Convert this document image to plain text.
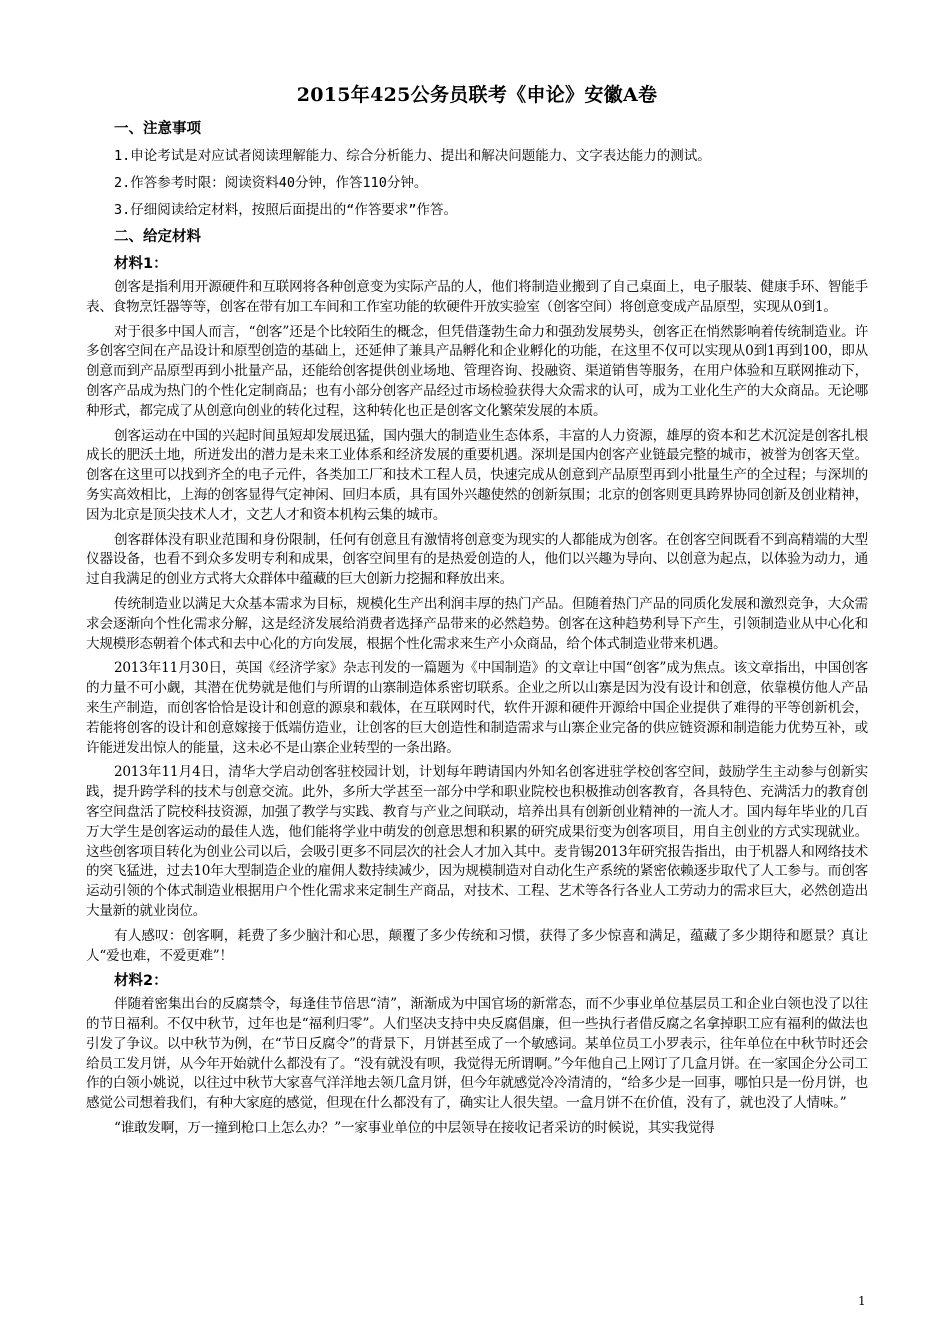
2015年425公务员联考《申论》安徽A卷
一、注意事项
1.申论考试是对应试者阅读理解能力、综合分析能力、提出和解决问题能力、文字表达能力的测试。
2.作答参考时限：阅读资料40分钟，作答110分钟。
3.仔细阅读给定材料，按照后面提出的“作答要求”作答。
二、给定材料
材料1：

创客是指利用开源硬件和互联网将各种创意变为实际产品的人，他们将制造业搬到了自己桌面上，电子服装、健康手环、智能手表、食物烹饪器等等，创客在带有加工车间和工作室功能的软硬件开放实验室（创客空间）将创意变成产品原型，实现从0到1。

对于很多中国人而言，“创客”还是个比较陌生的概念，但凭借蓬勃生命力和强劲发展势头，创客正在悄然影响着传统制造业。许多创客空间在产品设计和原型创造的基础上，还延伸了兼具产品孵化和企业孵化的功能，在这里不仅可以实现从0到1再到100，即从创意而到产品原型再到小批量产品，还能给创客提供创业场地、管理咨询、投融资、渠道销售等服务，在用户体验和互联网推动下，创客产品成为热门的个性化定制商品；也有小部分创客产品经过市场检验获得大众需求的认可，成为工业化生产的大众商品。无论哪种形式，都完成了从创意向创业的转化过程，这种转化也正是创客文化繁荣发展的本质。

创客运动在中国的兴起时间虽短却发展迅猛，国内强大的制造业生态体系，丰富的人力资源，雄厚的资本和艺术沉淀是创客扎根成长的肥沃土地，所迸发出的潜力是未来工业体系和经济发展的重要机遇。深圳是国内创客产业链最完整的城市，被誉为创客天堂。创客在这里可以找到齐全的电子元件，各类加工厂和技术工程人员，快速完成从创意到产品原型再到小批量生产的全过程；与深圳的务实高效相比，上海的创客显得气定神闲、回归本质，具有国外兴趣使然的创新氛围；北京的创客则更具跨界协同创新及创业精神，因为北京是顶尖技术人才，文艺人才和资本机构云集的城市。

创客群体没有职业范围和身份限制，任何有创意且有激情将创意变为现实的人都能成为创客。在创客空间既看不到高精端的大型仪器设备，也看不到众多发明专利和成果，创客空间里有的是热爱创造的人，他们以兴趣为导向、以创意为起点，以体验为动力，通过自我满足的创业方式将大众群体中蕴藏的巨大创新力挖掘和释放出来。

传统制造业以满足大众基本需求为目标，规模化生产出利润丰厚的热门产品。但随着热门产品的同质化发展和激烈竞争，大众需求会逐渐向个性化需求分解，这是经济发展给消费者选择产品带来的必然趋势。创客在这种趋势利导下产生，引领制造业从中心化和大规模形态朝着个体式和去中心化的方向发展，根据个性化需求来生产小众商品，给个体式制造业带来机遇。

2013年11月30日，英国《经济学家》杂志刊发的一篇题为《中国制造》的文章让中国“创客”成为焦点。该文章指出，中国创客的力量不可小觑，其潜在优势就是他们与所谓的山寨制造体系密切联系。企业之所以山寨是因为没有设计和创意，依靠模仿他人产品来生产制造，而创客恰恰是设计和创意的源泉和载体，在互联网时代，软件开源和硬件开源给中国企业提供了难得的平等创新机会，若能将创客的设计和创意嫁接于低端仿造业，让创客的巨大创造性和制造需求与山寨企业完备的供应链资源和制造能力优势互补，或许能迸发出惊人的能量，这未必不是山寨企业转型的一条出路。

2013年11月4日，清华大学启动创客驻校园计划，计划每年聘请国内外知名创客进驻学校创客空间，鼓励学生主动参与创新实践，提升跨学科的技术与创意交流。此外，多所大学甚至一部分中学和职业院校也积极推动创客教育，各具特色、充满活力的教育创客空间盘活了院校科技资源，加强了教学与实践、教育与产业之间联动，培养出具有创新创业精神的一流人才。国内每年毕业的几百万大学生是创客运动的最佳人选，他们能将学业中萌发的创意思想和积累的研究成果衍变为创客项目，用自主创业的方式实现就业。这些创客项目转化为创业公司以后，会吸引更多不同层次的社会人才加入其中。麦肯锡2013年研究报告指出，由于机器人和网络技术的突飞猛进，过去10年大型制造企业的雇佣人数持续减少，因为规模制造对自动化生产系统的紧密依赖逐步取代了人工参与。而创客运动引领的个体式制造业根据用户个性化需求来定制生产商品，对技术、工程、艺术等各行各业人工劳动力的需求巨大，必然创造出大量新的就业岗位。

有人感叹：创客啊，耗费了多少脑汁和心思，颠覆了多少传统和习惯，获得了多少惊喜和满足，蕴藏了多少期待和愿景？真让人“爱也难，不爱更难”！

材料2：

伴随着密集出台的反腐禁令，每逢佳节倍思“清”，渐渐成为中国官场的新常态，而不少事业单位基层员工和企业白领也没了以往的节日福利。不仅中秋节，过年也是“福利归零”。人们坚决支持中央反腐倡廉，但一些执行者借反腐之名拿掉职工应有福利的做法也引发了争议。以中秋节为例，在“节日反腐令”的背景下，月饼甚至成了一个敏感词。某单位员工小罗表示，往年单位在中秋节时还会给员工发月饼，从今年开始就什么都没有了。“没有就没有呗，我觉得无所谓啊。”今年他自己上网订了几盒月饼。在一家国企分公司工作的白领小姚说，以往过中秋节大家喜气洋洋地去领几盒月饼，但今年就感觉冷冷清清的，“给多少是一回事，哪怕只是一份月饼，也感觉公司想着我们，有种大家庭的感觉，但现在什么都没有了，确实让人很失望。一盒月饼不在价值，没有了，就也没了人情味。”

“谁敢发啊，万一撞到枪口上怎么办？”一家事业单位的中层领导在接收记者采访的时候说，其实我觉得

1
